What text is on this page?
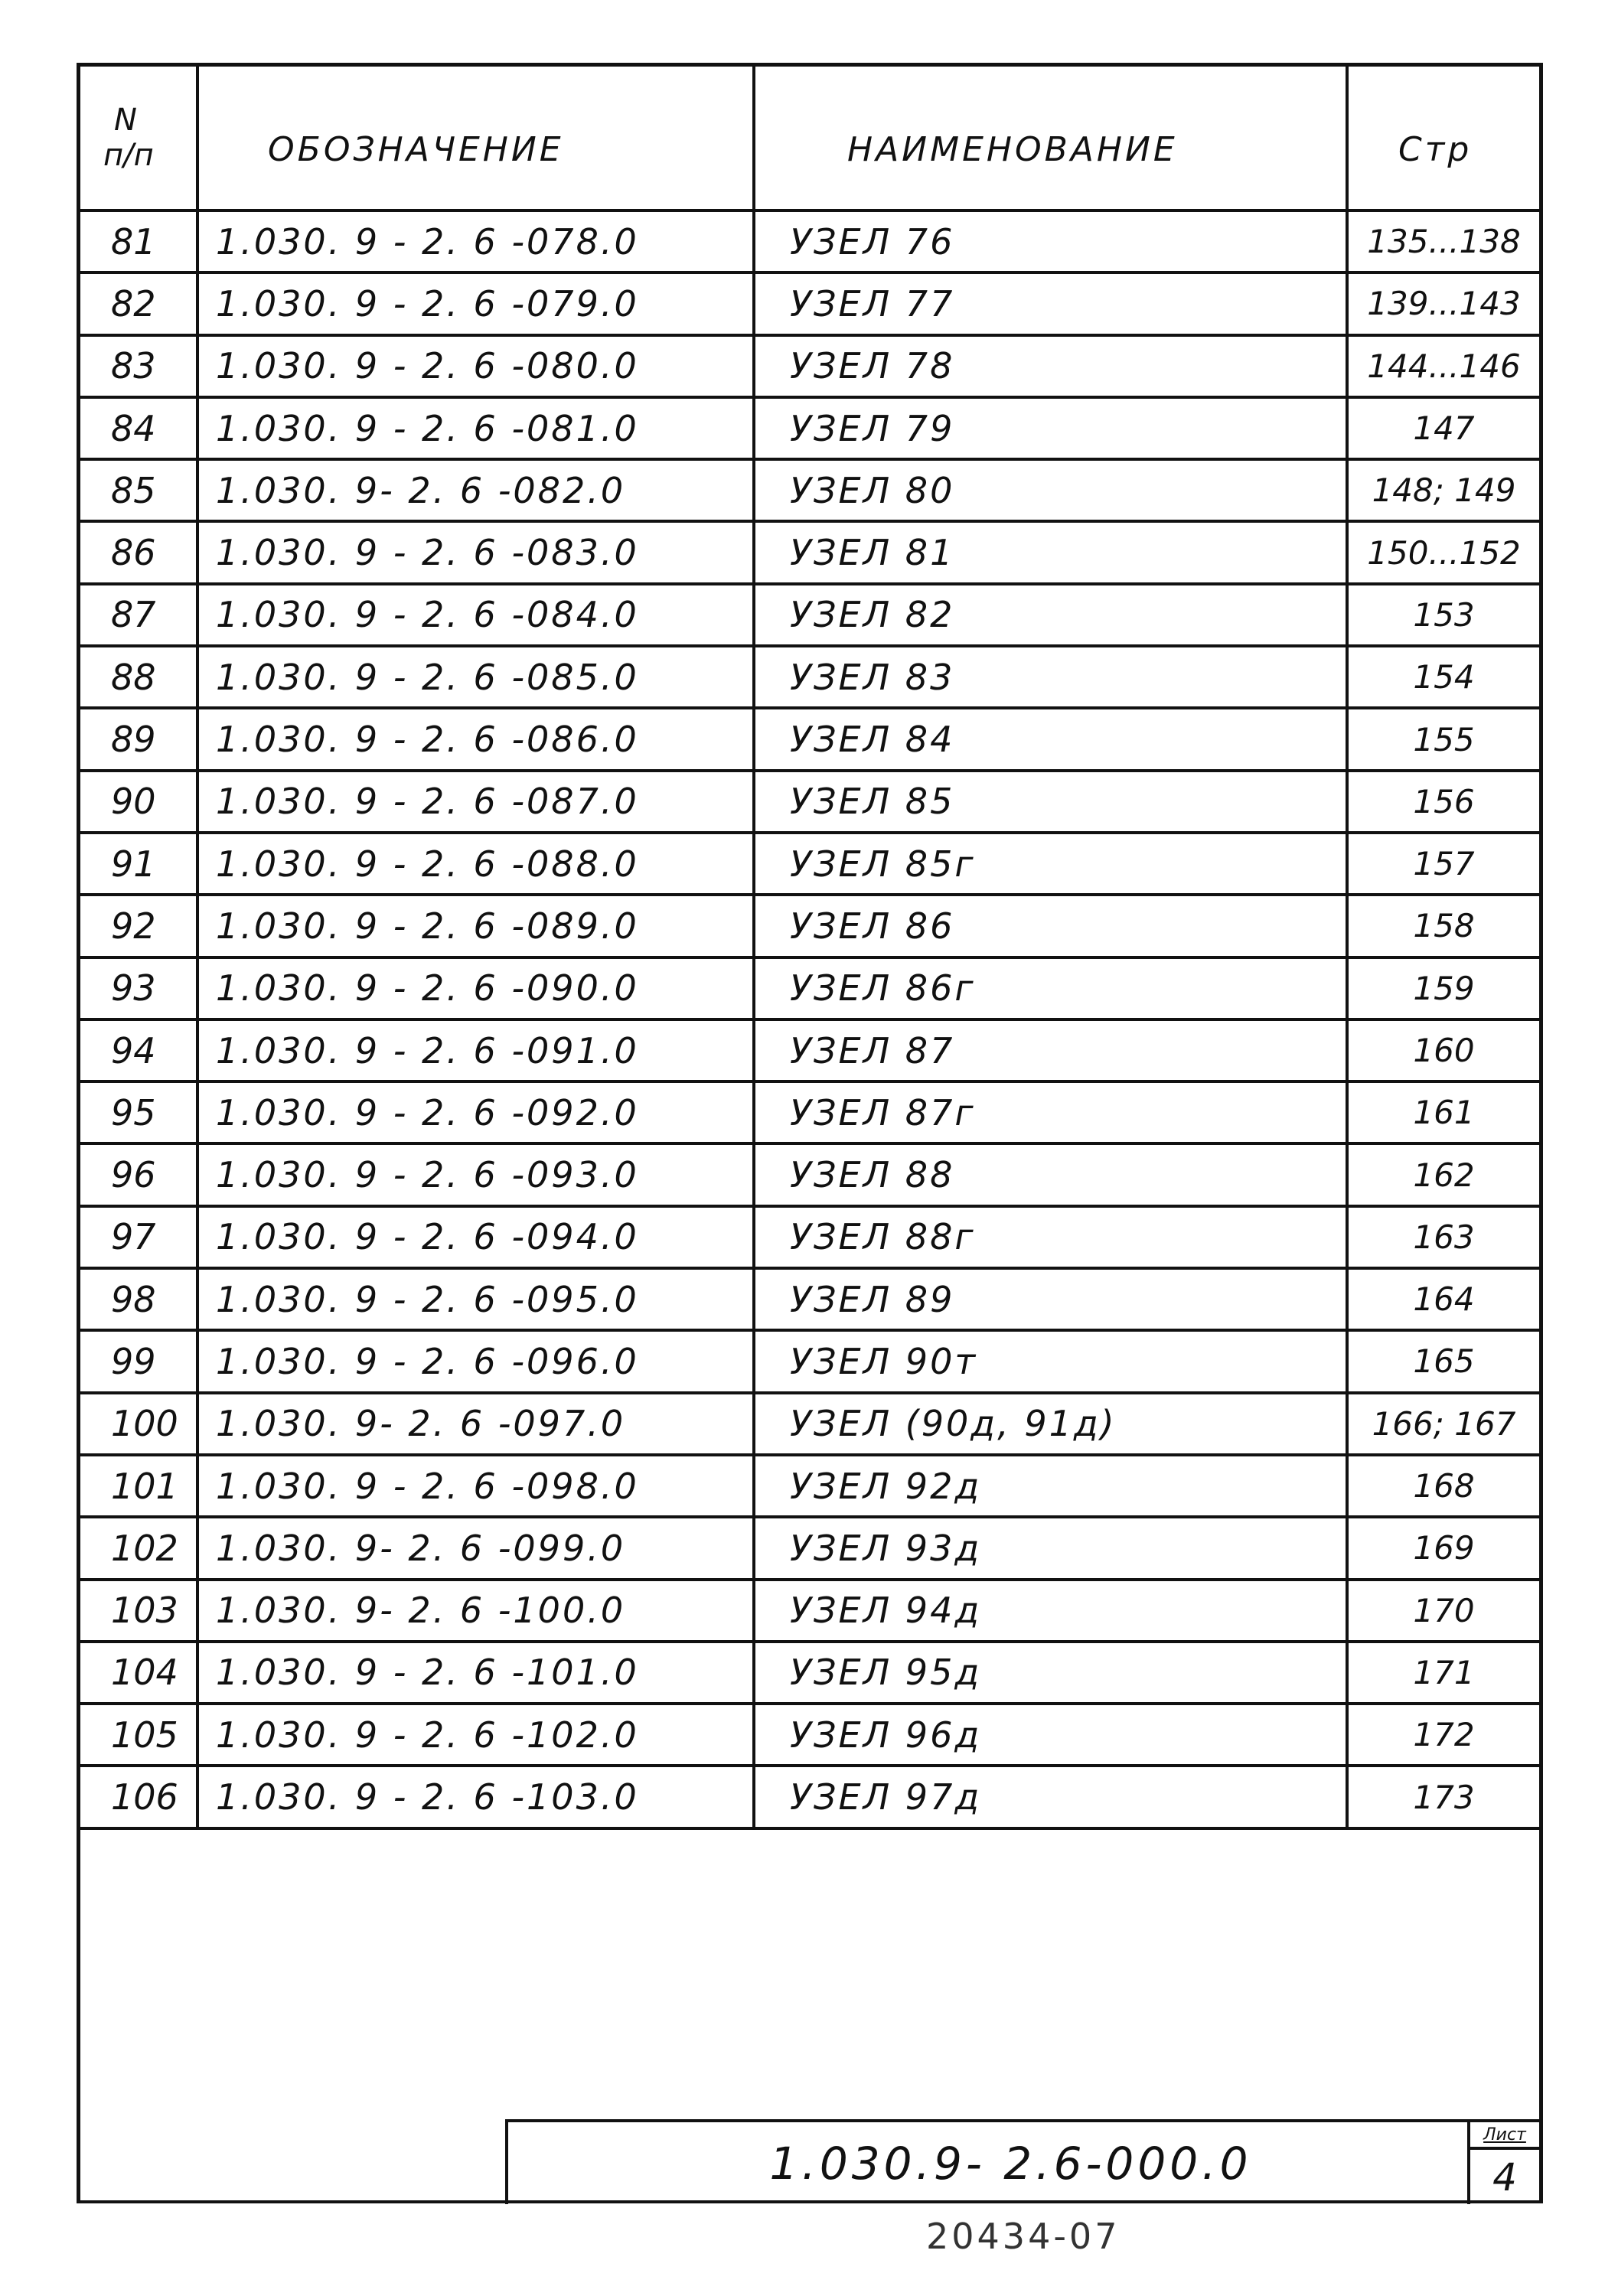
N
п/п	ОБОЗНАЧЕНИЕ	НАИМЕНОВАНИЕ	Стр
81	1.030. 9 - 2. 6 -078.0	УЗЕЛ 76	135...138
82	1.030. 9 - 2. 6 -079.0	УЗЕЛ 77	139...143
83	1.030. 9 - 2. 6 -080.0	УЗЕЛ 78	144...146
84	1.030. 9 - 2. 6 -081.0	УЗЕЛ 79	147
85	1.030. 9- 2. 6 -082.0	УЗЕЛ 80	148; 149
86	1.030. 9 - 2. 6 -083.0	УЗЕЛ 81	150...152
87	1.030. 9 - 2. 6 -084.0	УЗЕЛ 82	153
88	1.030. 9 - 2. 6 -085.0	УЗЕЛ 83	154
89	1.030. 9 - 2. 6 -086.0	УЗЕЛ 84	155
90	1.030. 9 - 2. 6 -087.0	УЗЕЛ 85	156
91	1.030. 9 - 2. 6 -088.0	УЗЕЛ 85г	157
92	1.030. 9 - 2. 6 -089.0	УЗЕЛ 86	158
93	1.030. 9 - 2. 6 -090.0	УЗЕЛ 86г	159
94	1.030. 9 - 2. 6 -091.0	УЗЕЛ 87	160
95	1.030. 9 - 2. 6 -092.0	УЗЕЛ 87г	161
96	1.030. 9 - 2. 6 -093.0	УЗЕЛ 88	162
97	1.030. 9 - 2. 6 -094.0	УЗЕЛ 88г	163
98	1.030. 9 - 2. 6 -095.0	УЗЕЛ 89	164
99	1.030. 9 - 2. 6 -096.0	УЗЕЛ 90т	165
100	1.030. 9- 2. 6 -097.0	УЗЕЛ (90д, 91д)	166; 167
101	1.030. 9 - 2. 6 -098.0	УЗЕЛ 92д	168
102	1.030. 9- 2. 6 -099.0	УЗЕЛ 93д	169
103	1.030. 9- 2. 6 -100.0	УЗЕЛ 94д	170
104	1.030. 9 - 2. 6 -101.0	УЗЕЛ 95д	171
105	1.030. 9 - 2. 6 -102.0	УЗЕЛ 96д	172
106	1.030. 9 - 2. 6 -103.0	УЗЕЛ 97д	173
1.030.9- 2.6-000.0
Лист
4
20434-07
